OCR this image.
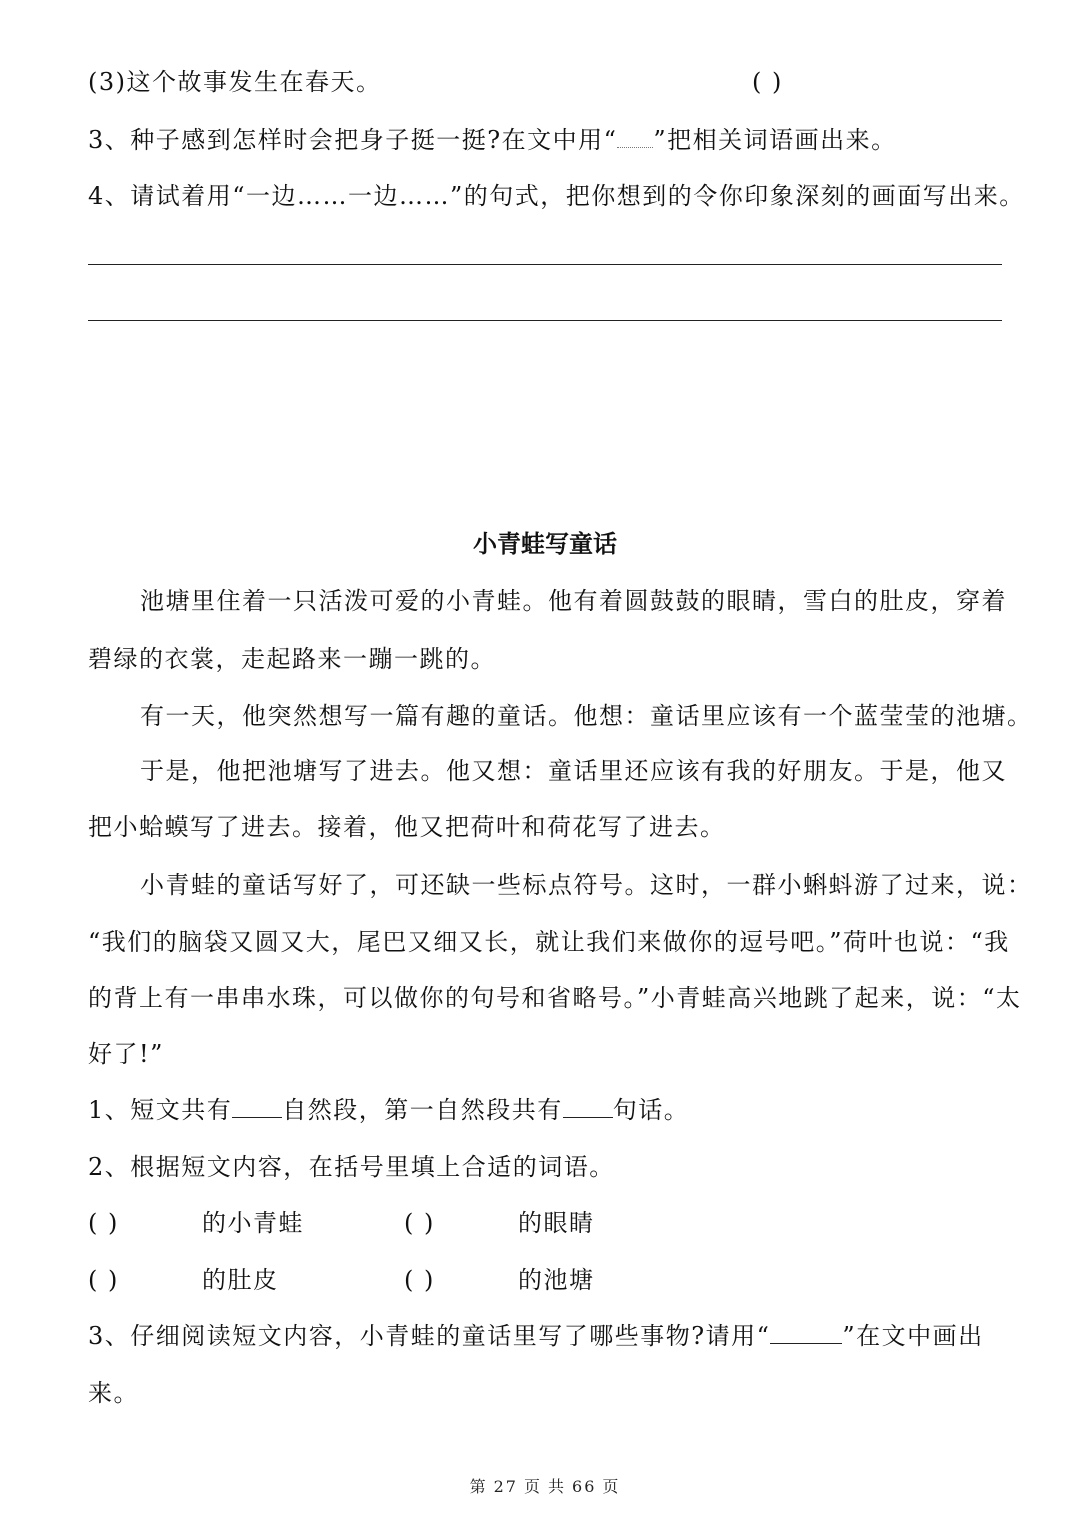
(3)这个故事发生在春天。	( )
3、种子感到怎样时会把身子挺一挺?在文中用“ ”把相关词语画出来。
4、请试着用“一边……一边……”的句式，把你想到的令你印象深刻的画面写出来。
小青蛙写童话
池塘里住着一只活泼可爱的小青蛙。他有着圆鼓鼓的眼睛，雪白的肚皮，穿着
碧绿的衣裳，走起路来一蹦一跳的。
有一天，他突然想写一篇有趣的童话。他想：童话里应该有一个蓝莹莹的池塘。
于是，他把池塘写了进去。他又想：童话里还应该有我的好朋友。于是，他又
把小蛤蟆写了进去。接着，他又把荷叶和荷花写了进去。
小青蛙的童话写好了，可还缺一些标点符号。这时，一群小蝌蚪游了过来，说：
“我们的脑袋又圆又大，尾巴又细又长，就让我们来做你的逗号吧。”荷叶也说：“我
的背上有一串串水珠，可以做你的句号和省略号。”小青蛙高兴地跳了起来，说：“太
好了!”
1、短文共有 自然段，第一自然段共有 句话。
2、根据短文内容，在括号里填上合适的词语。
( )	的小青蛙	( )	的眼睛
( )	的肚皮	( )	的池塘
3、仔细阅读短文内容，小青蛙的童话里写了哪些事物?请用“	”在文中画出
来。
第 27 页 共 66 页
